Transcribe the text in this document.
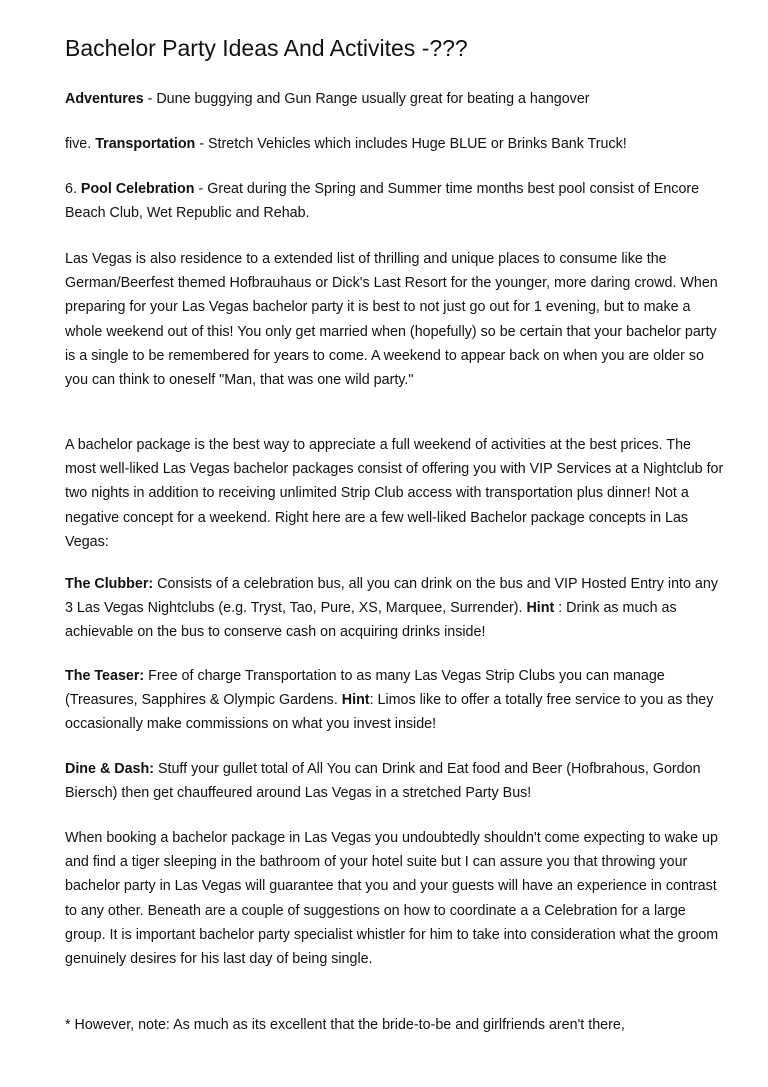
Bachelor Party Ideas And Activites -???

Adventures - Dune buggying and Gun Range usually great for beating a hangover

five. Transportation - Stretch Vehicles which includes Huge BLUE or Brinks Bank Truck!

6. Pool Celebration - Great during the Spring and Summer time months best pool consist of Encore Beach Club, Wet Republic and Rehab.

Las Vegas is also residence to a extended list of thrilling and unique places to consume like the German/Beerfest themed Hofbrauhaus or Dick's Last Resort for the younger, more daring crowd. When preparing for your Las Vegas bachelor party it is best to not just go out for 1 evening, but to make a whole weekend out of this! You only get married when (hopefully) so be certain that your bachelor party is a single to be remembered for years to come. A weekend to appear back on when you are older so you can think to oneself "Man, that was one wild party."

A bachelor package is the best way to appreciate a full weekend of activities at the best prices. The most well-liked Las Vegas bachelor packages consist of offering you with VIP Services at a Nightclub for two nights in addition to receiving unlimited Strip Club access with transportation plus dinner! Not a negative concept for a weekend. Right here are a few well-liked Bachelor package concepts in Las Vegas:

The Clubber: Consists of a celebration bus, all you can drink on the bus and VIP Hosted Entry into any 3 Las Vegas Nightclubs (e.g. Tryst, Tao, Pure, XS, Marquee, Surrender). Hint : Drink as much as achievable on the bus to conserve cash on acquiring drinks inside!

The Teaser: Free of charge Transportation to as many Las Vegas Strip Clubs you can manage (Treasures, Sapphires & Olympic Gardens. Hint: Limos like to offer a totally free service to you as they occasionally make commissions on what you invest inside!

Dine & Dash: Stuff your gullet total of All You can Drink and Eat food and Beer (Hofbrahous, Gordon Biersch) then get chauffeured around Las Vegas in a stretched Party Bus!

When booking a bachelor package in Las Vegas you undoubtedly shouldn't come expecting to wake up and find a tiger sleeping in the bathroom of your hotel suite but I can assure you that throwing your bachelor party in Las Vegas will guarantee that you and your guests will have an experience in contrast to any other. Beneath are a couple of suggestions on how to coordinate a a Celebration for a large group. It is important bachelor party specialist whistler for him to take into consideration what the groom genuinely desires for his last day of being single.

* However, note: As much as its excellent that the bride-to-be and girlfriends aren't there,
